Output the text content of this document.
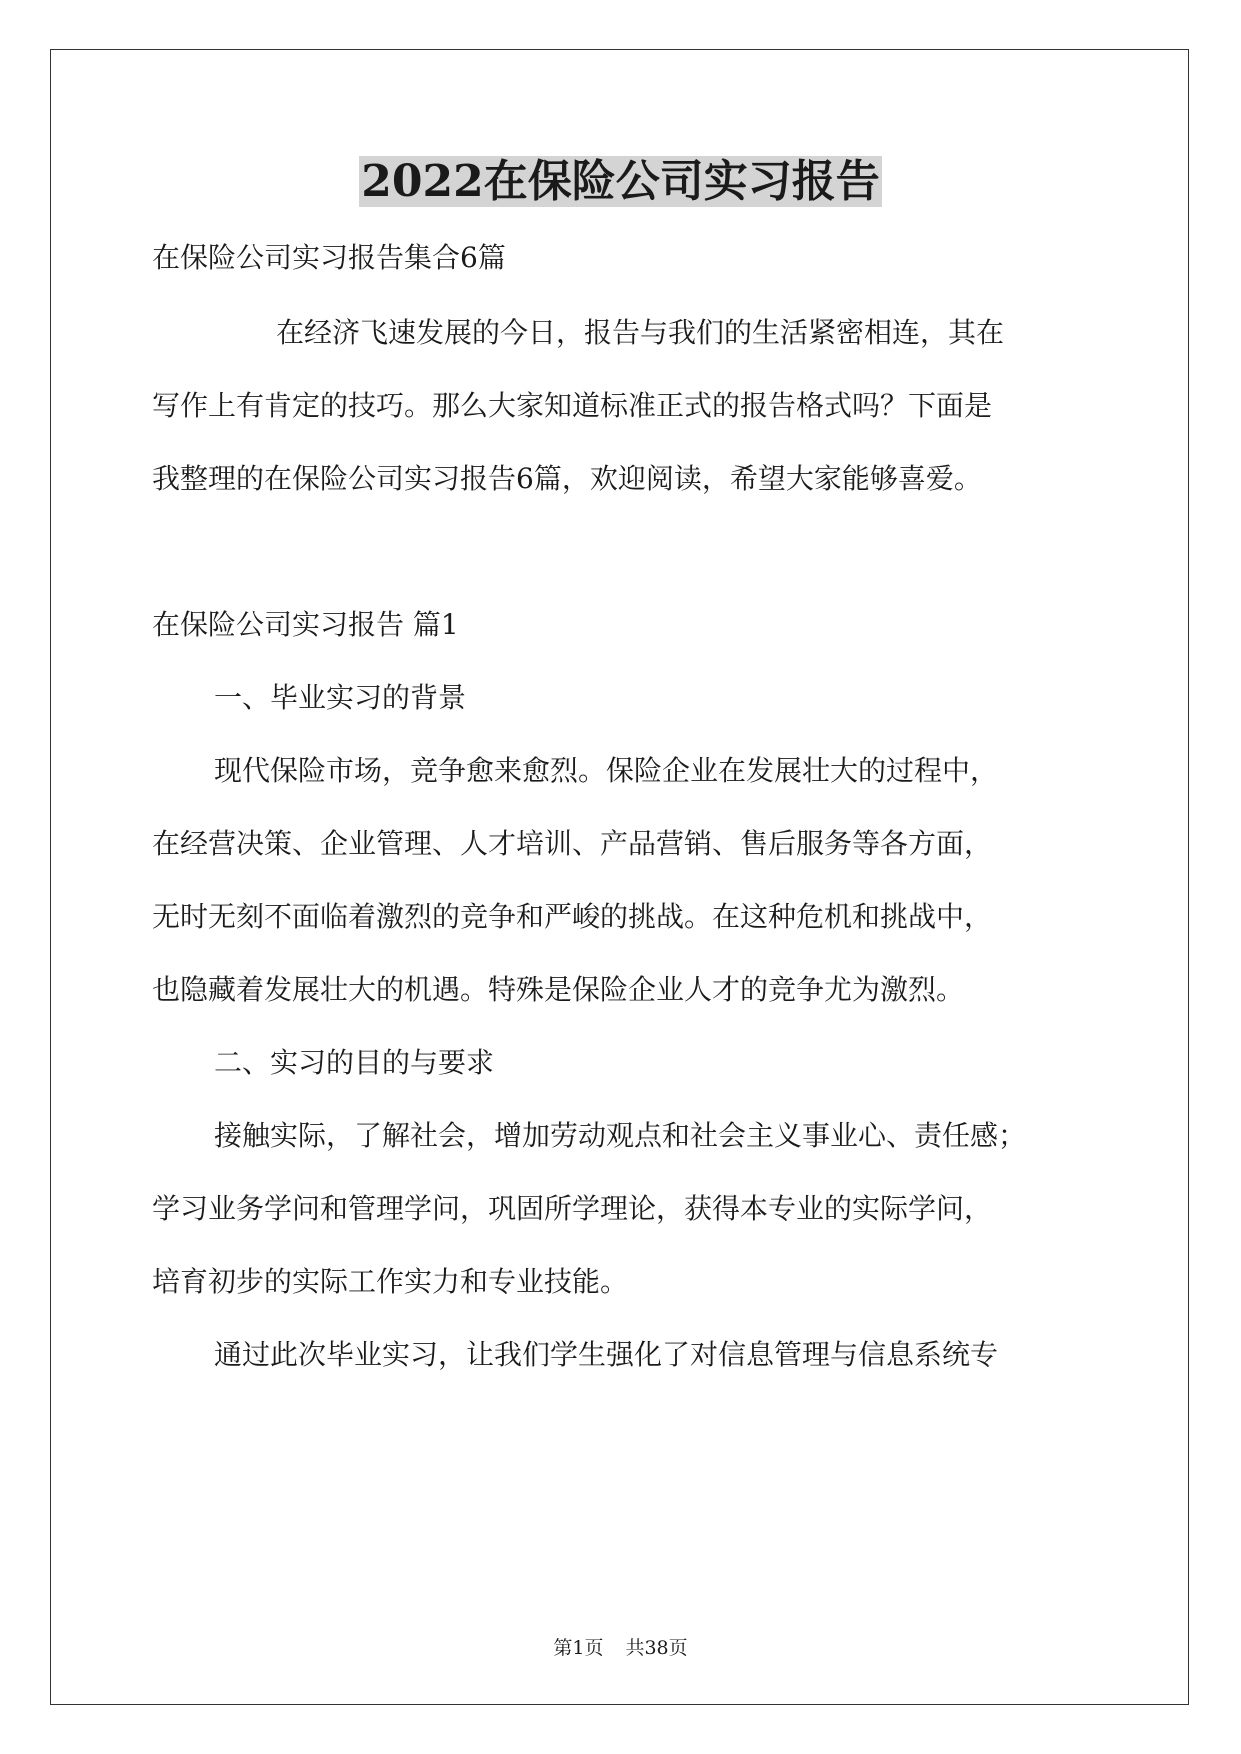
2022在保险公司实习报告

在保险公司实习报告集合6篇

在经济飞速发展的今日，报告与我们的生活紧密相连，其在

写作上有肯定的技巧。那么大家知道标准正式的报告格式吗？下面是

我整理的在保险公司实习报告6篇，欢迎阅读，希望大家能够喜爱。

在保险公司实习报告 篇1

一、毕业实习的背景

现代保险市场，竞争愈来愈烈。保险企业在发展壮大的过程中，

在经营决策、企业管理、人才培训、产品营销、售后服务等各方面，

无时无刻不面临着激烈的竞争和严峻的挑战。在这种危机和挑战中，

也隐藏着发展壮大的机遇。特殊是保险企业人才的竞争尤为激烈。

二、实习的目的与要求

接触实际，了解社会，增加劳动观点和社会主义事业心、责任感；

学习业务学问和管理学问，巩固所学理论，获得本专业的实际学问，

培育初步的实际工作实力和专业技能。

通过此次毕业实习，让我们学生强化了对信息管理与信息系统专

第1页 共38页
